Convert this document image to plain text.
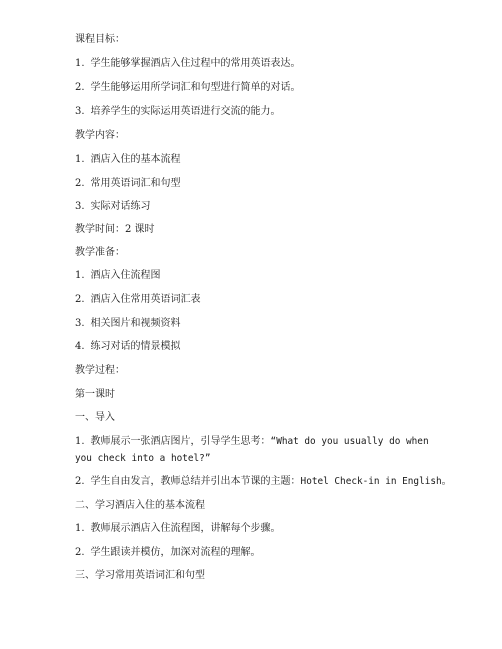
课程目标：
1. 学生能够掌握酒店入住过程中的常用英语表达。
2. 学生能够运用所学词汇和句型进行简单的对话。
3. 培养学生的实际运用英语进行交流的能力。
教学内容：
1. 酒店入住的基本流程
2. 常用英语词汇和句型
3. 实际对话练习
教学时间：2 课时
教学准备：
1. 酒店入住流程图
2. 酒店入住常用英语词汇表
3. 相关图片和视频资料
4. 练习对话的情景模拟
教学过程：
第一课时
一、导入
1. 教师展示一张酒店图片，引导学生思考：“What do you usually do when you check into a hotel?”
2. 学生自由发言，教师总结并引出本节课的主题：Hotel Check-in in English。
二、学习酒店入住的基本流程
1. 教师展示酒店入住流程图，讲解每个步骤。
2. 学生跟读并模仿，加深对流程的理解。
三、学习常用英语词汇和句型
